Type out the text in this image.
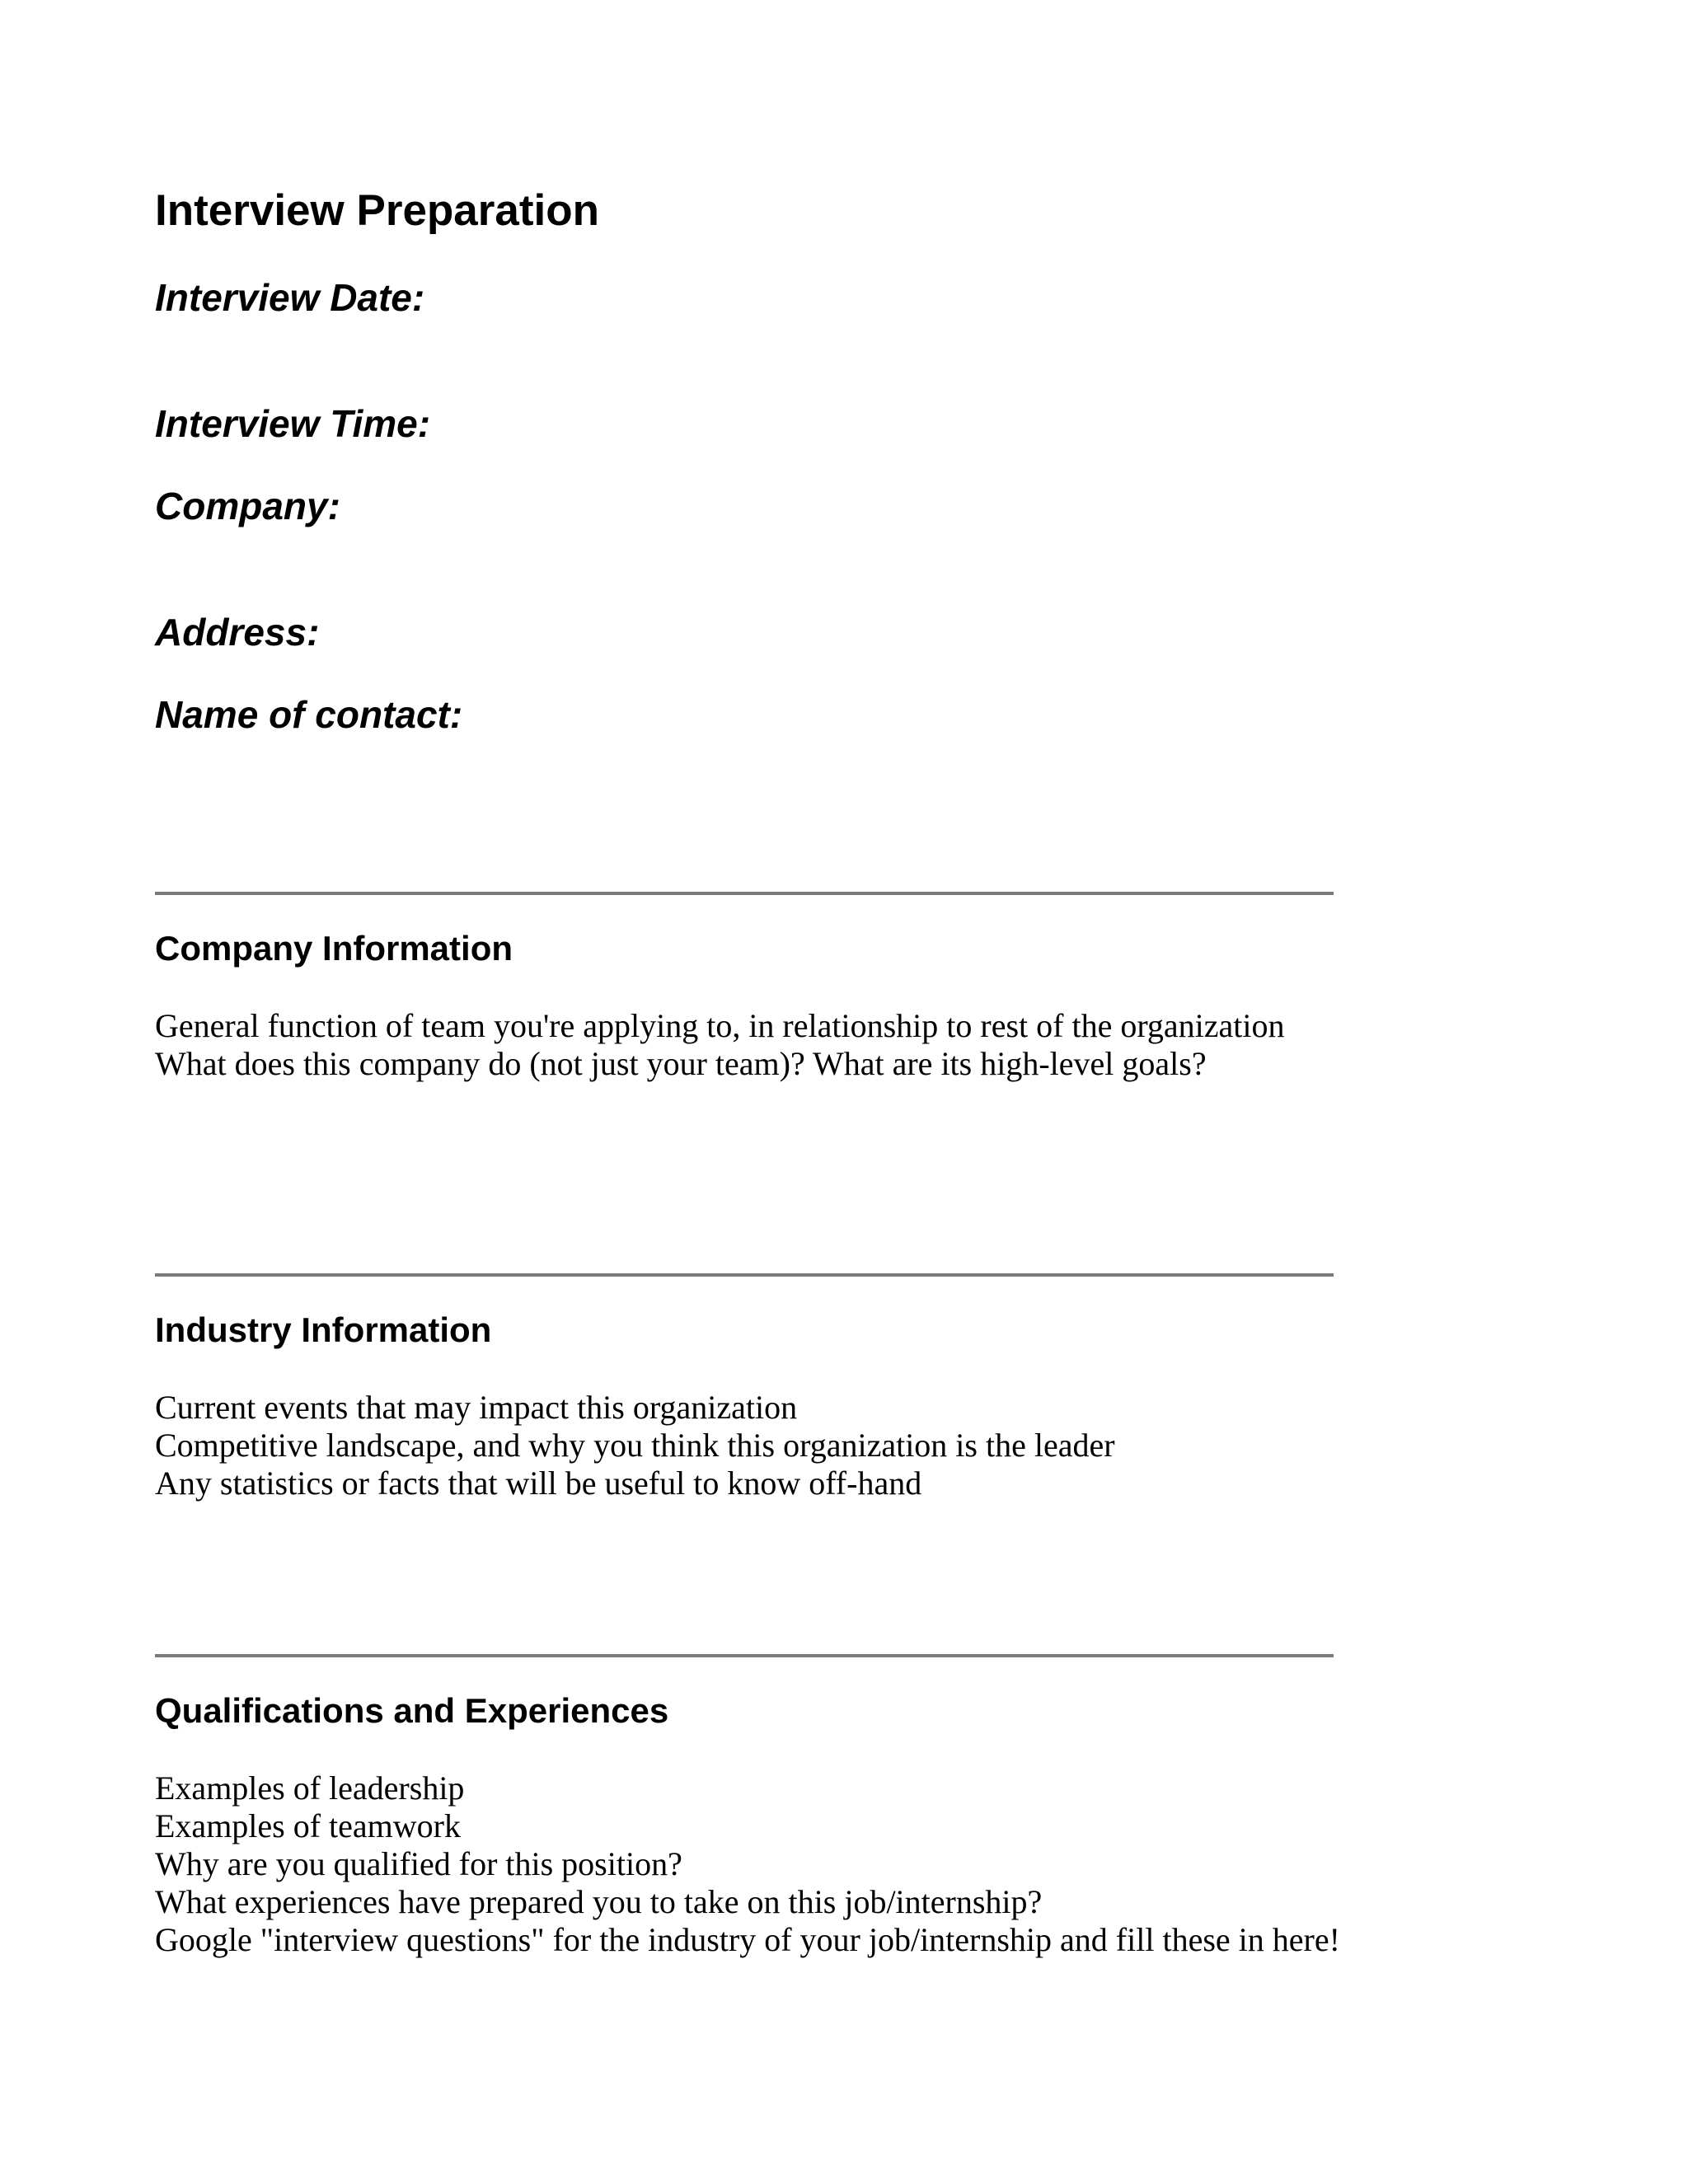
Interview Preparation

Interview Date:

Interview Time:

Company:

Address:

Name of contact:

Company Information
General function of team you're applying to, in relationship to rest of the organization
What does this company do (not just your team)? What are its high-level goals?
Industry Information
Current events that may impact this organization
Competitive landscape, and why you think this organization is the leader
Any statistics or facts that will be useful to know off-hand
Qualifications and Experiences
Examples of leadership
Examples of teamwork
Why are you qualified for this position?
What experiences have prepared you to take on this job/internship?
Google "interview questions" for the industry of your job/internship and fill these in here!
